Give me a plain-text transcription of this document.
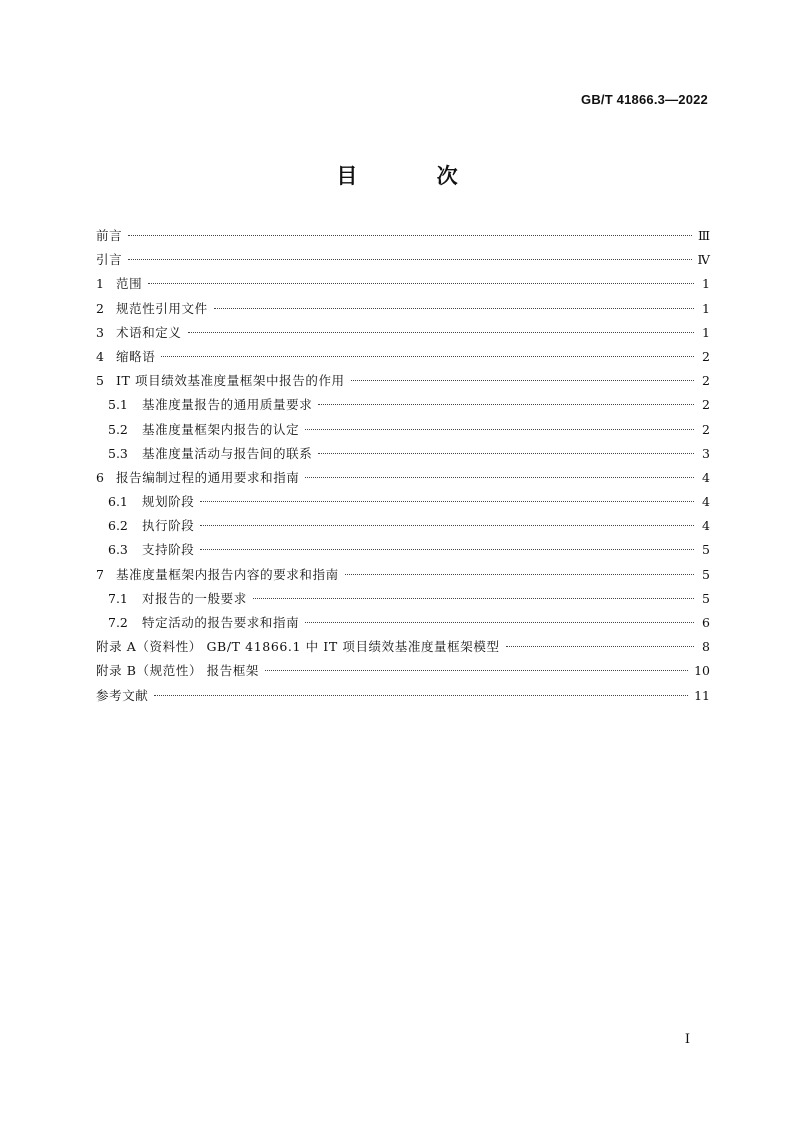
GB/T 41866.3—2022
目 次
前言	Ⅲ
引言	Ⅳ
1 范围	1
2 规范性引用文件	1
3 术语和定义	1
4 缩略语	2
5 IT 项目绩效基准度量框架中报告的作用	2
5.1	基准度量报告的通用质量要求	2
5.2	基准度量框架内报告的认定	2
5.3	基准度量活动与报告间的联系	3
6 报告编制过程的通用要求和指南	4
6.1	规划阶段	4
6.2	执行阶段	4
6.3	支持阶段	5
7 基准度量框架内报告内容的要求和指南	5
7.1	对报告的一般要求	5
7.2	特定活动的报告要求和指南	6
附录 A（资料性） GB/T 41866.1 中 IT 项目绩效基准度量框架模型	8
附录 B（规范性） 报告框架	10
参考文献	11
I
